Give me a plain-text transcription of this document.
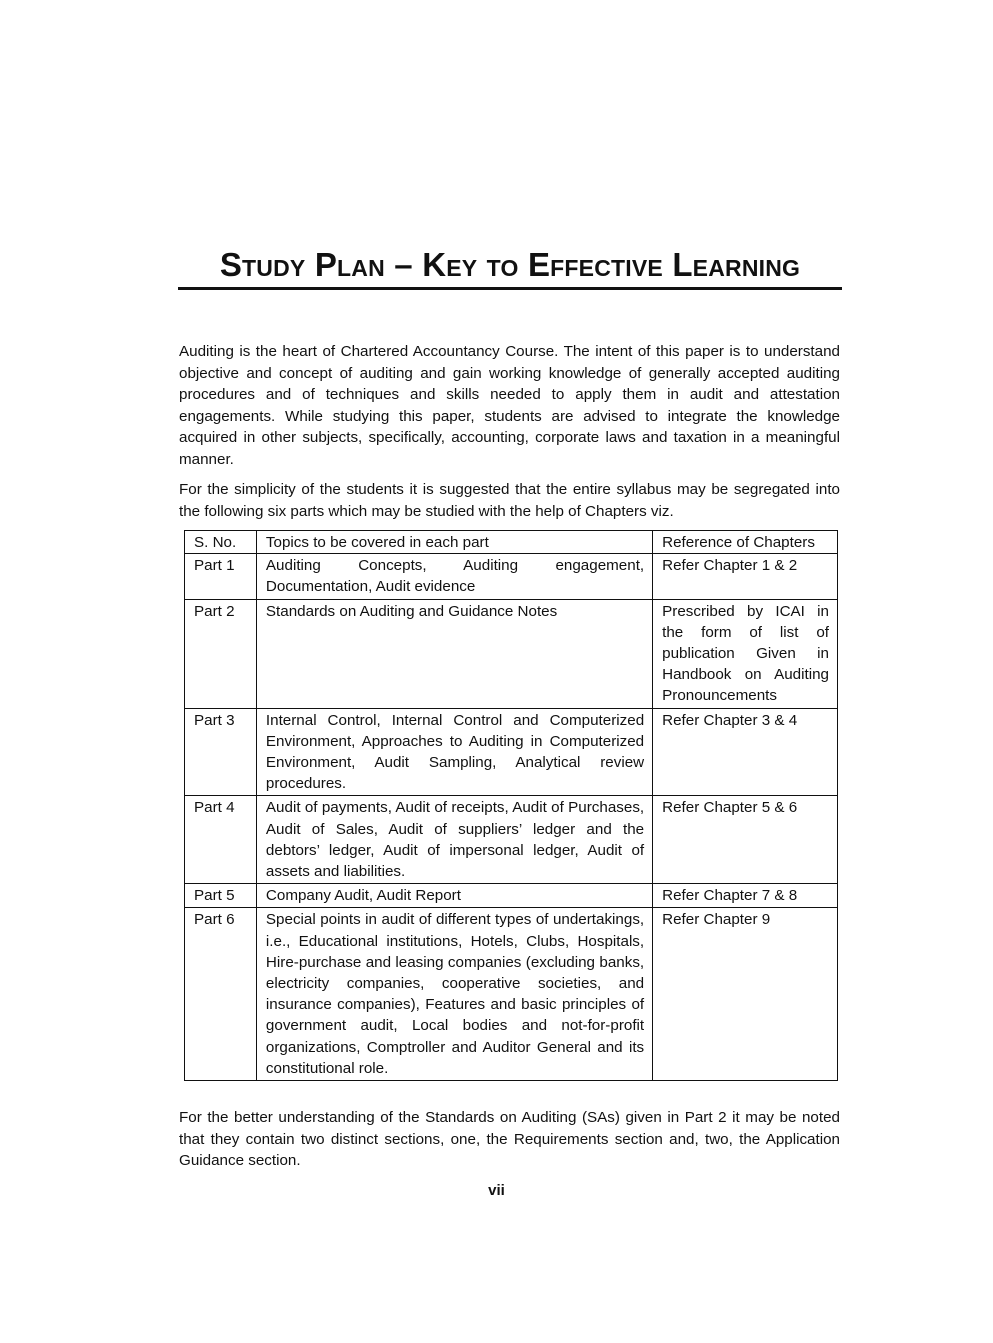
Study Plan – Key to Effective Learning

Auditing is the heart of Chartered Accountancy Course. The intent of this paper is to understand objective and concept of auditing and gain working knowledge of generally accepted auditing procedures and of techniques and skills needed to apply them in audit and attestation engagements. While studying this paper, students are advised to integrate the knowledge acquired in other subjects, specifically, accounting, corporate laws and taxation in a meaningful manner.

For the simplicity of the students it is suggested that the entire syllabus may be segregated into the following six parts which may be studied with the help of Chapters viz.

S. No.	Topics to be covered in each part	Reference of Chapters
Part 1	Auditing Concepts, Auditing engagement, Documentation, Audit evidence	Refer Chapter 1 & 2
Part 2	Standards on Auditing and Guidance Notes	Prescribed by ICAI in the form of list of publication Given in Handbook on Auditing Pronouncements
Part 3	Internal Control, Internal Control and Computerized Environment, Approaches to Auditing in Computerized Environment, Audit Sampling, Analytical review procedures.	Refer Chapter 3 & 4
Part 4	Audit of payments, Audit of receipts, Audit of Purchases, Audit of Sales, Audit of suppliers’ ledger and the debtors’ ledger, Audit of impersonal ledger, Audit of assets and liabilities.	Refer Chapter 5 & 6
Part 5	Company Audit, Audit Report	Refer Chapter 7 & 8
Part 6	Special points in audit of different types of undertakings, i.e., Educational institutions, Hotels, Clubs, Hospitals, Hire-purchase and leasing companies (excluding banks, electricity companies, cooperative societies, and insurance companies), Features and basic principles of government audit, Local bodies and not-for-profit organizations, Comptroller and Auditor General and its constitutional role.	Refer Chapter 9

For the better understanding of the Standards on Auditing (SAs) given in Part 2 it may be noted that they contain two distinct sections, one, the Requirements section and, two, the Application Guidance section.

vii
